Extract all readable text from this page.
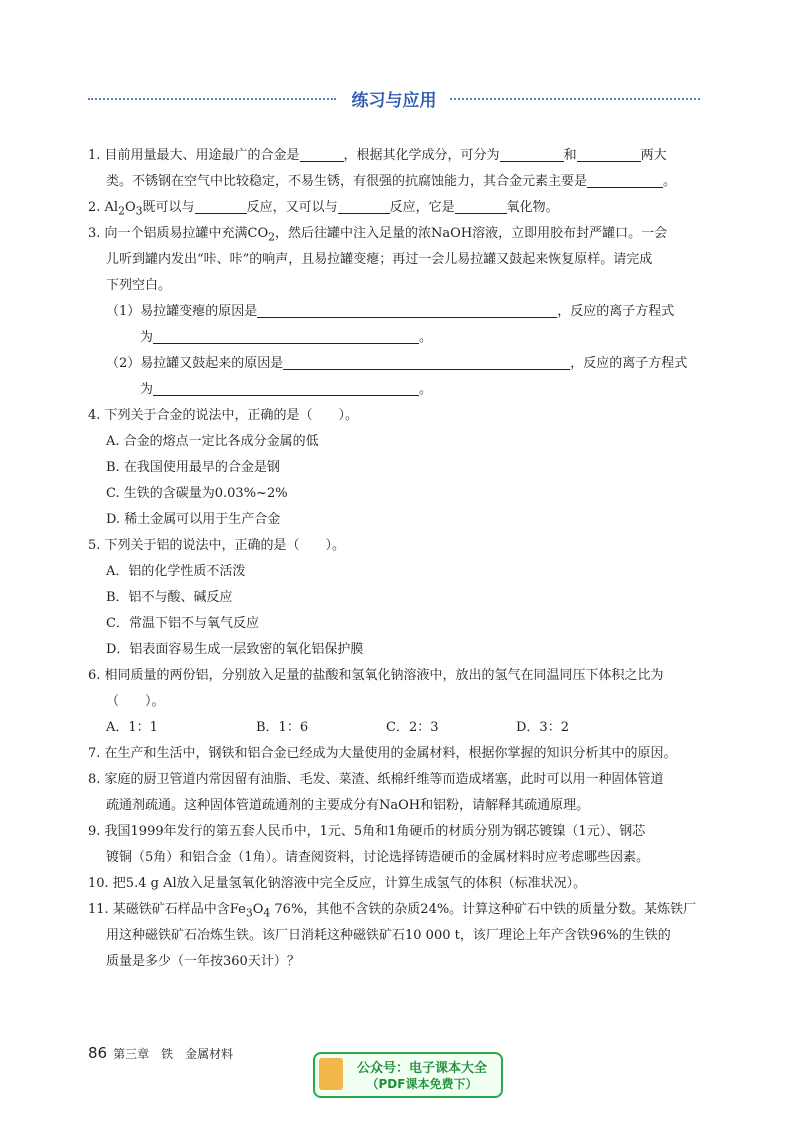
练习与应用
1. 目前用量最大、用途最广的合金是	，根据其化学成分，可分为	和	两大
类。不锈钢在空气中比较稳定，不易生锈，有很强的抗腐蚀能力，其合金元素主要是	。
2. $Al_2O_3$既可以与	反应，又可以与	反应，它是	氧化物。
3. 向一个铝质易拉罐中充满$CO_2$，然后往罐中注入足量的浓NaOH溶液，立即用胶布封严罐口。一会
儿听到罐内发出“咔、咔”的响声，且易拉罐变瘪；再过一会儿易拉罐又鼓起来恢复原样。请完成
下列空白。
（1）易拉罐变瘪的原因是	，反应的离子方程式
为	。
（2）易拉罐又鼓起来的原因是	，反应的离子方程式
为	。
4. 下列关于合金的说法中，正确的是（　　）。
A. 合金的熔点一定比各成分金属的低
B. 在我国使用最早的合金是钢
C. 生铁的含碳量为0.03%~2%
D. 稀土金属可以用于生产合金
5. 下列关于铝的说法中，正确的是（　　）。
A．铝的化学性质不活泼
B．铝不与酸、碱反应
C．常温下铝不与氧气反应
D．铝表面容易生成一层致密的氧化铝保护膜
6. 相同质量的两份铝，分别放入足量的盐酸和氢氧化钠溶液中，放出的氢气在同温同压下体积之比为
（　　）。
A．1：1	B．1：6	C．2：3	D．3：2
7. 在生产和生活中，钢铁和铝合金已经成为大量使用的金属材料，根据你掌握的知识分析其中的原因。
8. 家庭的厨卫管道内常因留有油脂、毛发、菜渣、纸棉纤维等而造成堵塞，此时可以用一种固体管道
疏通剂疏通。这种固体管道疏通剂的主要成分有NaOH和铝粉，请解释其疏通原理。
9. 我国1999年发行的第五套人民币中，1元、5角和1角硬币的材质分别为钢芯镀镍（1元）、钢芯
镀铜（5角）和铝合金（1角）。请查阅资料，讨论选择铸造硬币的金属材料时应考虑哪些因素。
10. 把5.4 g Al放入足量氢氧化钠溶液中完全反应，计算生成氢气的体积（标准状况）。
11. 某磁铁矿石样品中含$Fe_3O_4$ 76%，其他不含铁的杂质24%。计算这种矿石中铁的质量分数。某炼铁厂
用这种磁铁矿石冶炼生铁。该厂日消耗这种磁铁矿石10 000 t，该厂理论上年产含铁96%的生铁的
质量是多少（一年按360天计）？
86 第三章　铁　金属材料
公众号：电子课本大全
（PDF课本免费下）
